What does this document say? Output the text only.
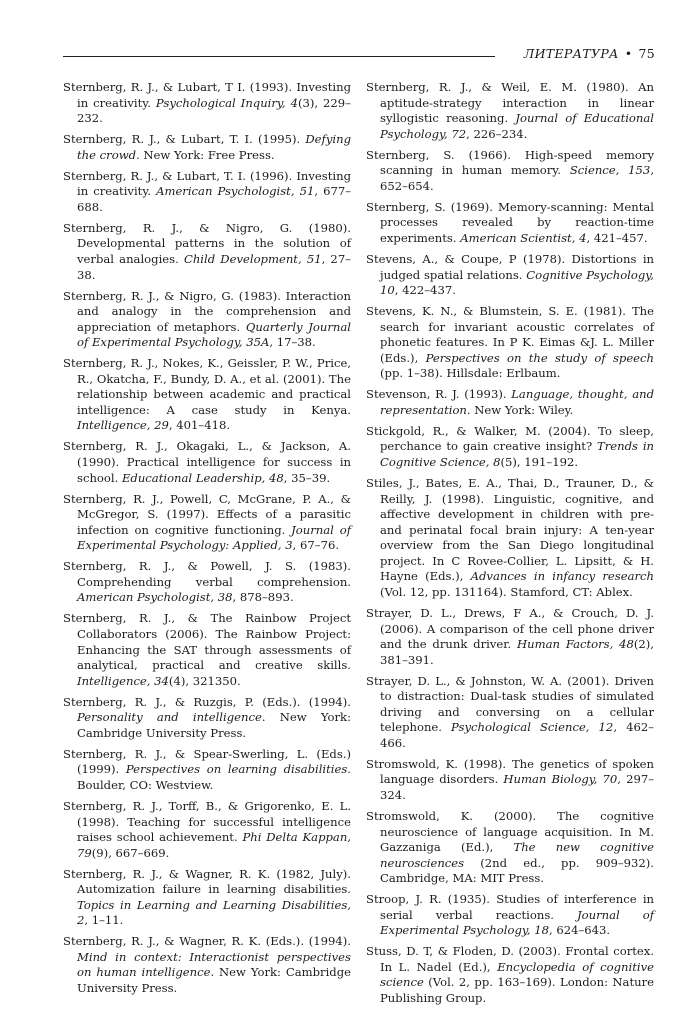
ЛИТЕРАТУРА • 75

Sternberg, R. J., & Lubart, T I. (1993). Investing in creativity. Psychological Inquiry, 4(3), 229–232.

Sternberg, R. J., & Lubart, T. I. (1995). Defying the crowd. New York: Free Press.

Sternberg, R. J., & Lubart, T. I. (1996). Investing in creativity. American Psychologist, 51, 677–688.

Sternberg, R. J., & Nigro, G. (1980). Developmental patterns in the solution of verbal analogies. Child Development, 51, 27–38.

Sternberg, R. J., & Nigro, G. (1983). Interaction and analogy in the comprehension and appreciation of metaphors. Quarterly Journal of Experimental Psychology, 35A, 17–38.

Sternberg, R. J., Nokes, K., Geissler, P. W., Price, R., Okatcha, F., Bundy, D. A., et al. (2001). The relationship between academic and practical intelligence: A case study in Kenya. Intelligence, 29, 401–418.

Sternberg, R. J., Okagaki, L., & Jackson, A. (1990). Practical intelligence for success in school. Educational Leadership, 48, 35–39.

Sternberg, R. J., Powell, C, McGrane, P. A., & McGregor, S. (1997). Effects of a parasitic infection on cognitive functioning. Journal of Experimental Psychology: Applied, 3, 67–76.

Sternberg, R. J., & Powell, J. S. (1983). Comprehending verbal comprehension. American Psychologist, 38, 878–893.

Sternberg, R. J., & The Rainbow Project Collaborators (2006). The Rainbow Project: Enhancing the SAT through assessments of analytical, practical and creative skills. Intelligence, 34(4), 321350.

Sternberg, R. J., & Ruzgis, P. (Eds.). (1994). Personality and intelligence. New York: Cambridge University Press.

Sternberg, R. J., & Spear-Swerling, L. (Eds.) (1999). Perspectives on learning disabilities. Boulder, CO: Westview.

Sternberg, R. J., Torff, B., & Grigorenko, E. L. (1998). Teaching for successful intelligence raises school achievement. Phi Delta Kappan, 79(9), 667–669.

Sternberg, R. J., & Wagner, R. K. (1982, July). Automization failure in learning disabilities. Topics in Learning and Learning Disabilities, 2, 1–11.

Sternberg, R. J., & Wagner, R. K. (Eds.). (1994). Mind in context: Interactionist perspectives on human intelligence. New York: Cambridge University Press.

Sternberg, R. J., & Weil, E. M. (1980). An aptitude-strategy interaction in linear syllogistic reasoning. Journal of Educational Psychology, 72, 226–234.

Sternberg, S. (1966). High-speed memory scanning in human memory. Science, 153, 652–654.

Sternberg, S. (1969). Memory-scanning: Mental processes revealed by reaction-time experiments. American Scientist, 4, 421–457.

Stevens, A., & Coupe, P (1978). Distortions in judged spatial relations. Cognitive Psychology, 10, 422–437.

Stevens, K. N., & Blumstein, S. E. (1981). The search for invariant acoustic correlates of phonetic features. In P K. Eimas &J. L. Miller (Eds.), Perspectives on the study of speech (pp. 1–38). Hillsdale: Erlbaum.

Stevenson, R. J. (1993). Language, thought, and representation. New York: Wiley.

Stickgold, R., & Walker, M. (2004). To sleep, perchance to gain creative insight? Trends in Cognitive Science, 8(5), 191–192.

Stiles, J., Bates, E. A., Thai, D., Trauner, D., & Reilly, J. (1998). Linguistic, cognitive, and affective development in children with pre- and perinatal focal brain injury: A ten-year overview from the San Diego longitudinal project. In C Rovee-Collier, L. Lipsitt, & H. Hayne (Eds.), Advances in infancy research (Vol. 12, pp. 131164). Stamford, CT: Ablex.

Strayer, D. L., Drews, F A., & Crouch, D. J. (2006). A comparison of the cell phone driver and the drunk driver. Human Factors, 48(2), 381–391.

Strayer, D. L., & Johnston, W. A. (2001). Driven to distraction: Dual-task studies of simulated driving and conversing on a cellular telephone. Psychological Science, 12, 462–466.

Stromswold, K. (1998). The genetics of spoken language disorders. Human Biology, 70, 297–324.

Stromswold, K. (2000). The cognitive neuroscience of language acquisition. In M. Gazzaniga (Ed.), The new cognitive neurosciences (2nd ed., pp. 909–932). Cambridge, MA: MIT Press.

Stroop, J. R. (1935). Studies of interference in serial verbal reactions. Journal of Experimental Psychology, 18, 624–643.

Stuss, D. T, & Floden, D. (2003). Frontal cortex. In L. Nadel (Ed.), Encyclopedia of cognitive science (Vol. 2, pp. 163–169). London: Nature Publishing Group.
